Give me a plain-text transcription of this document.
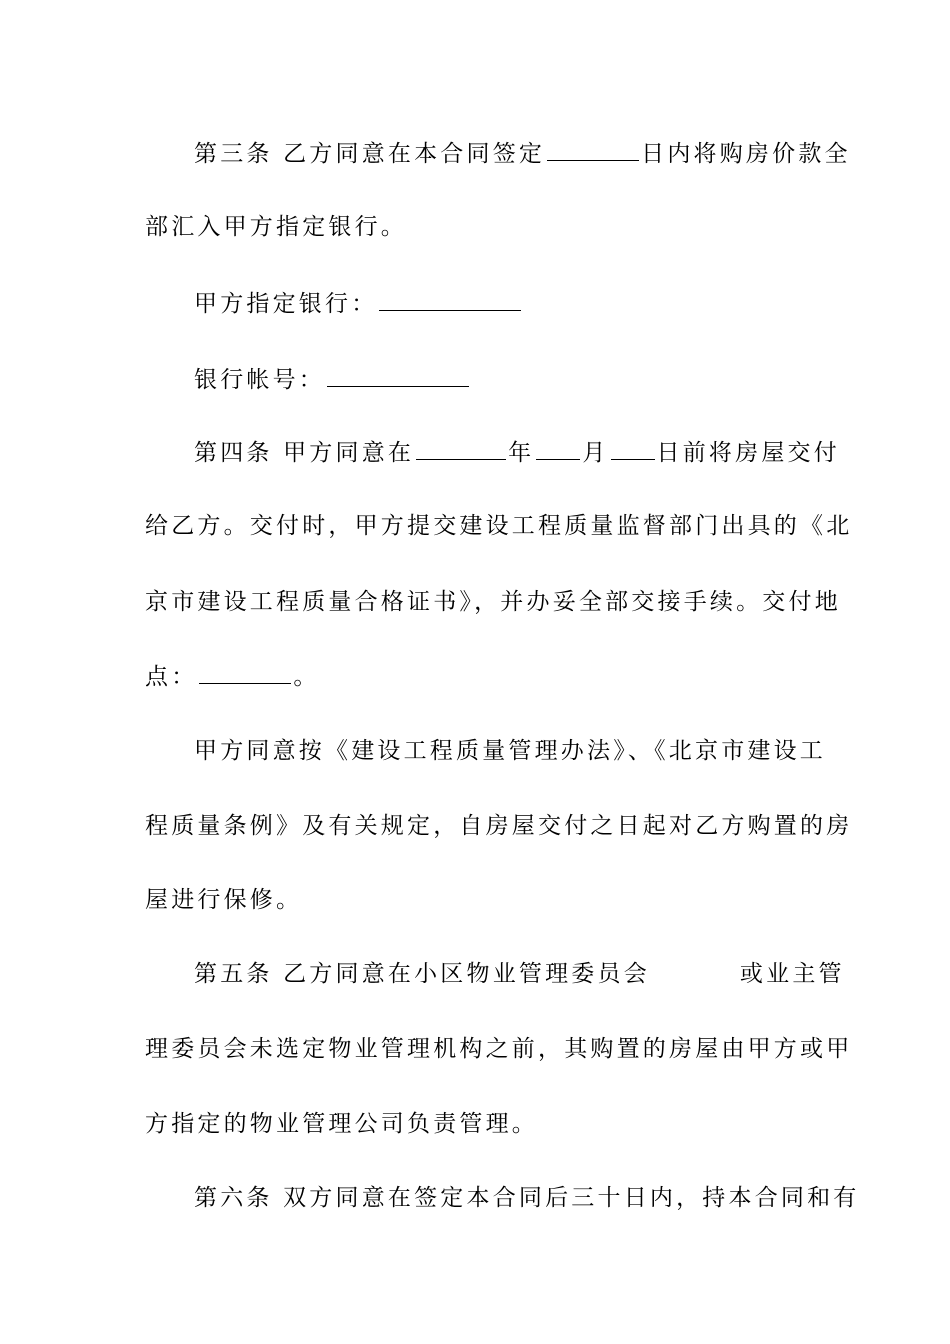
第三条 乙方同意在本合同签定	日内将购房价款全
部汇入甲方指定银行。
甲方指定银行：
银行帐号：
第四条 甲方同意在	年 月 日前将房屋交付
给乙方。交付时，甲方提交建设工程质量监督部门出具的《北
京市建设工程质量合格证书》，并办妥全部交接手续。交付地
点：	。
甲方同意按《建设工程质量管理办法》、《北京市建设工
程质量条例》及有关规定，自房屋交付之日起对乙方购置的房
屋进行保修。
第五条 乙方同意在小区物业管理委员会	或业主管
理委员会未选定物业管理机构之前，其购置的房屋由甲方或甲
方指定的物业管理公司负责管理。
第六条 双方同意在签定本合同后三十日内，持本合同和有
